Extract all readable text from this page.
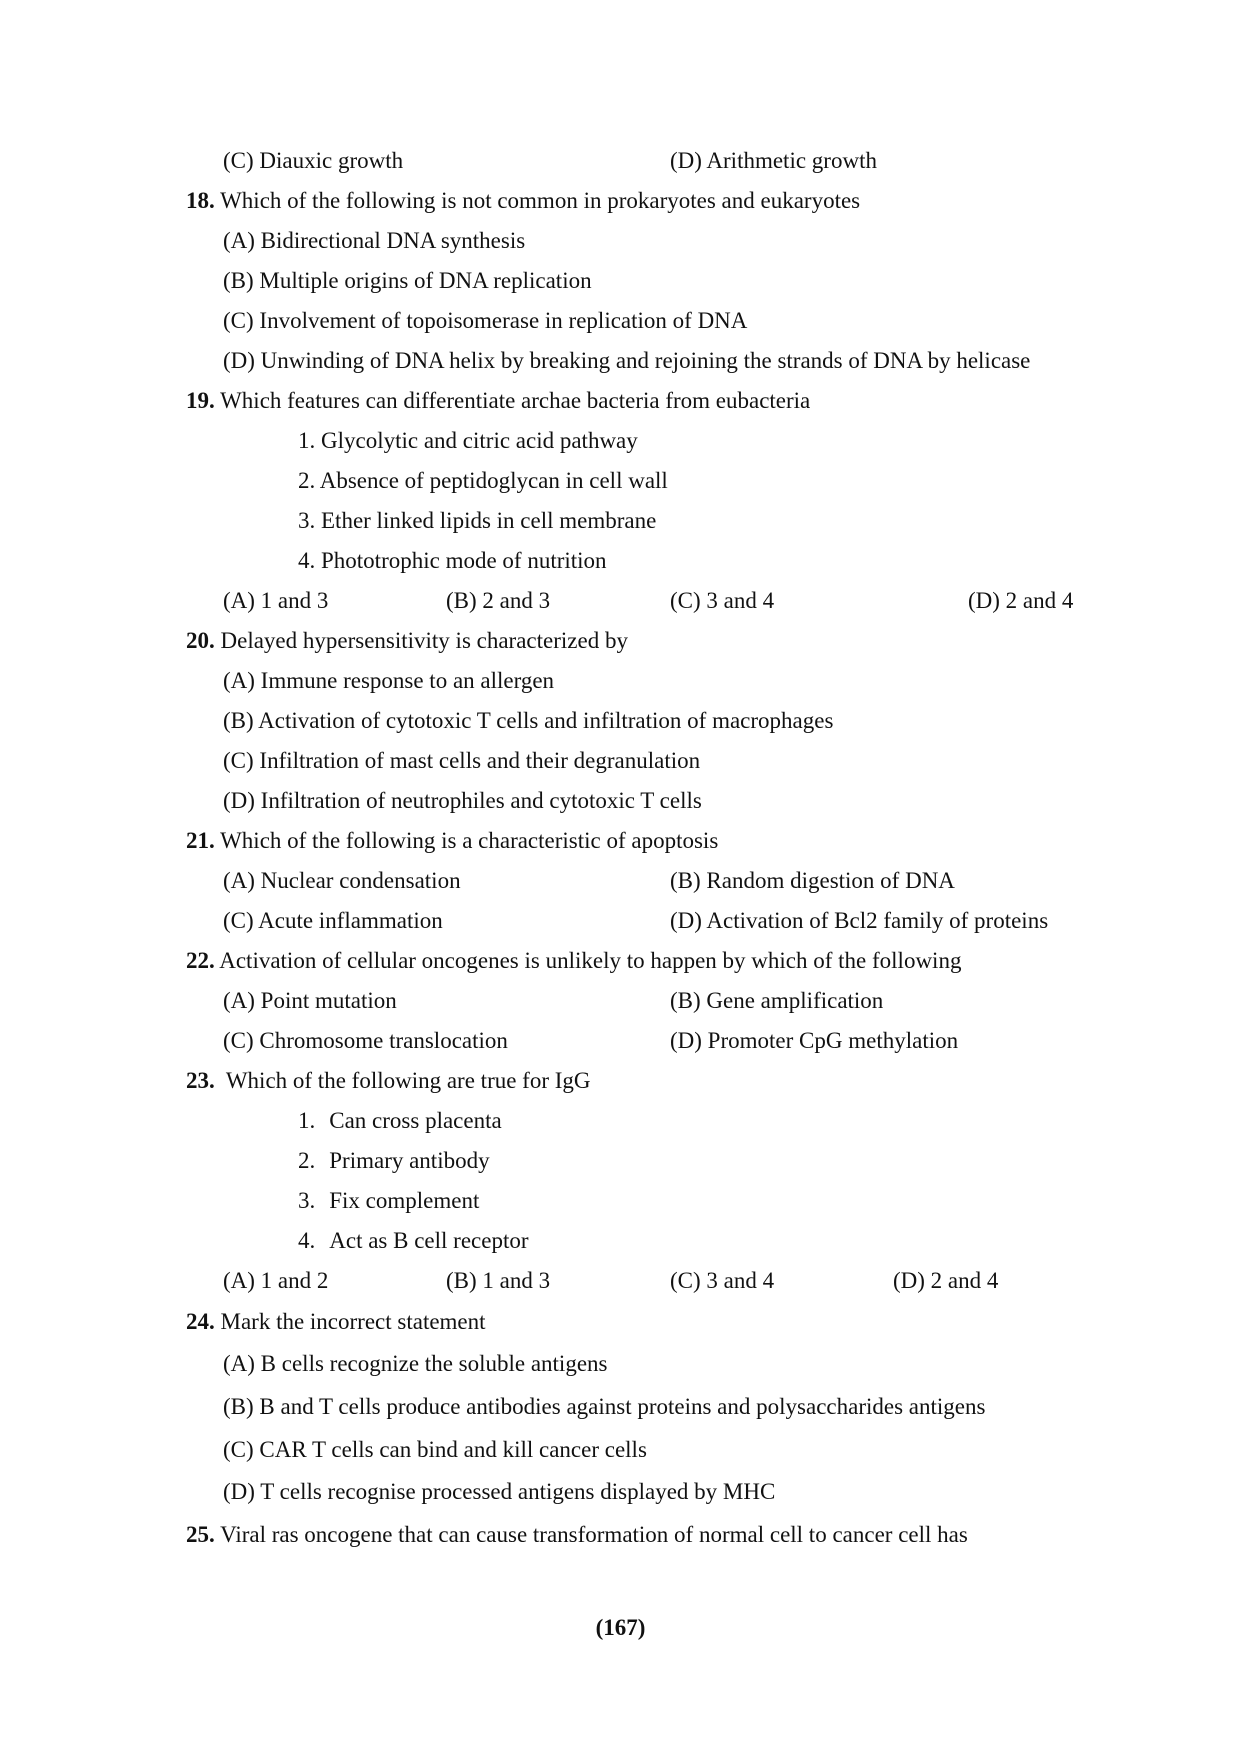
(C) Diauxic growth	(D) Arithmetic growth
18. Which of the following is not common in prokaryotes and eukaryotes
(A) Bidirectional DNA synthesis
(B) Multiple origins of DNA replication
(C) Involvement of topoisomerase in replication of DNA
(D) Unwinding of DNA helix by breaking and rejoining the strands of DNA by helicase
19. Which features can differentiate archae bacteria from eubacteria
1. Glycolytic and citric acid pathway
2. Absence of peptidoglycan in cell wall
3. Ether linked lipids in cell membrane
4. Phototrophic mode of nutrition
(A) 1 and 3	(B) 2 and 3	(C) 3 and 4	(D) 2 and 4
20. Delayed hypersensitivity is characterized by
(A) Immune response to an allergen
(B) Activation of cytotoxic T cells and infiltration of macrophages
(C) Infiltration of mast cells and their degranulation
(D) Infiltration of neutrophiles and cytotoxic T cells
21. Which of the following is a characteristic of apoptosis
(A) Nuclear condensation	(B) Random digestion of DNA
(C) Acute inflammation	(D) Activation of Bcl2 family of proteins
22. Activation of cellular oncogenes is unlikely to happen by which of the following
(A) Point mutation	(B) Gene amplification
(C) Chromosome translocation	(D) Promoter CpG methylation
23. Which of the following are true for IgG
1. Can cross placenta
2. Primary antibody
3. Fix complement
4. Act as B cell receptor
(A) 1 and 2	(B) 1 and 3	(C) 3 and 4	(D) 2 and 4
24. Mark the incorrect statement
(A) B cells recognize the soluble antigens
(B) B and T cells produce antibodies against proteins and polysaccharides antigens
(C) CAR T cells can bind and kill cancer cells
(D) T cells recognise processed antigens displayed by MHC
25. Viral ras oncogene that can cause transformation of normal cell to cancer cell has
(167)
